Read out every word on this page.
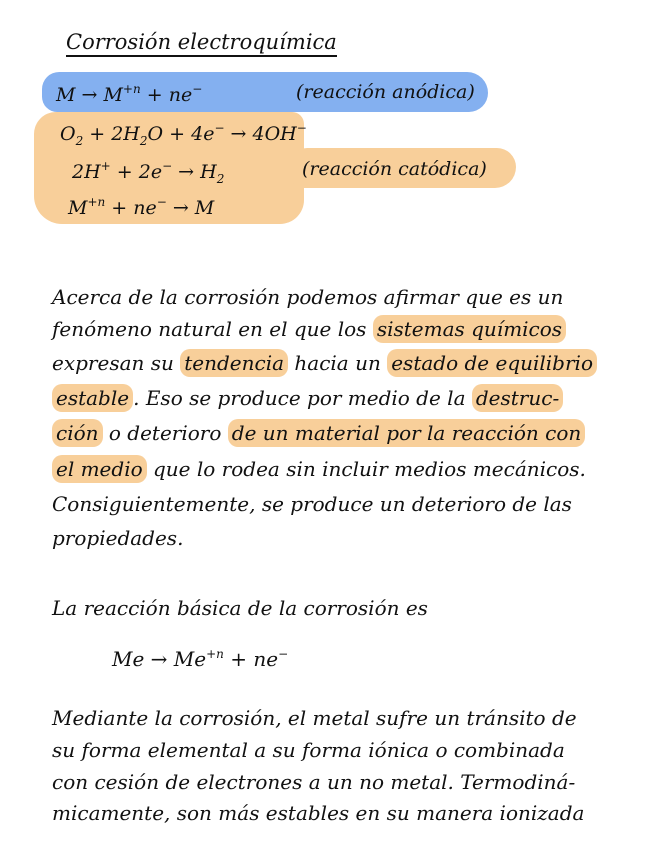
Corrosión electroquímica
$M \to M^{+n} + ne^-$	(reacción anódica)
$O_2 + 2H_2O + 4e^- \to 4OH^-$
$2H^+ + 2e^- \to H_2$	(reacción catódica)
$M^{+n} + ne^- \to M$
Acerca de la corrosión podemos afirmar que es un
fenómeno natural en el que los sistemas químicos
expresan su tendencia hacia un estado de equilibrio
estable . Eso se produce por medio de la destruc-
ción o deterioro de un material por la reacción con
el medio que lo rodea sin incluir medios mecánicos.
Consiguientemente, se produce un deterioro de las
propiedades.
La reacción básica de la corrosión es
$Me \to Me^{+n} + ne^-$
Mediante la corrosión, el metal sufre un tránsito de
su forma elemental a su forma iónica o combinada
con cesión de electrones a un no metal. Termodiná-
micamente, son más estables en su manera ionizada
